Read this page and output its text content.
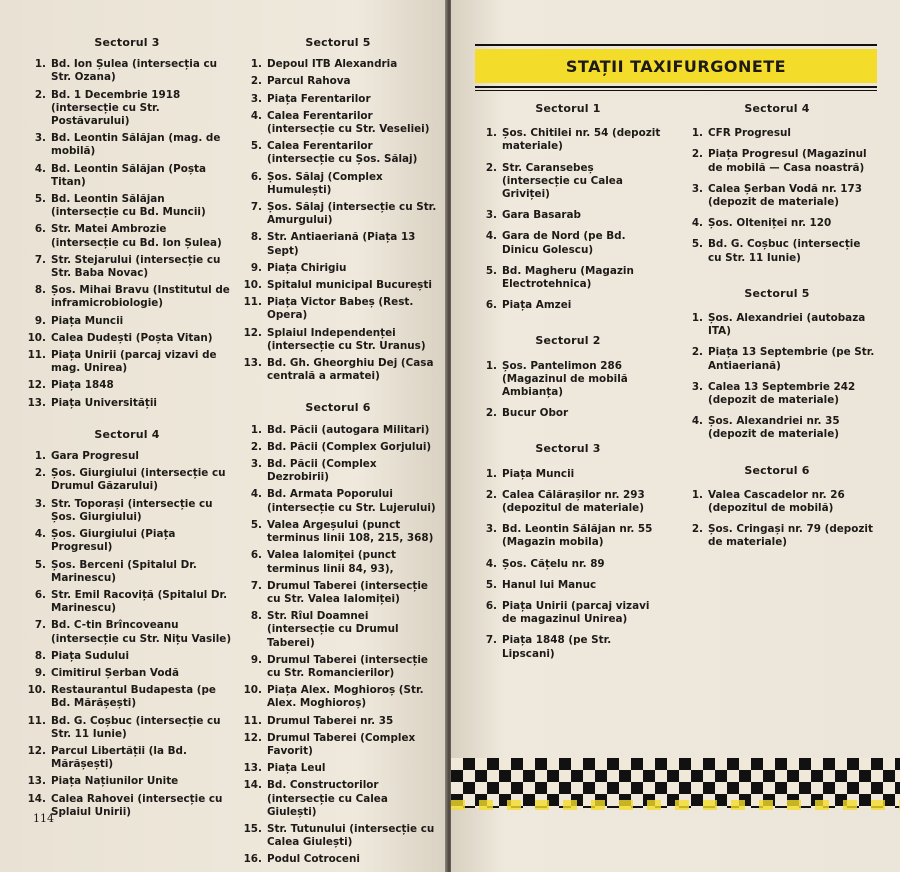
Sectorul 3
1. Bd. Ion Șulea (intersecția cu Str. Ozana)
2. Bd. 1 Decembrie 1918 (intersecție cu Str. Postăvarului)
3. Bd. Leontin Sălăjan (mag. de mobilă)
4. Bd. Leontin Sălăjan (Poșta Titan)
5. Bd. Leontin Sălăjan (intersecție cu Bd. Muncii)
6. Str. Matei Ambrozie (intersecție cu Bd. Ion Șulea)
7. Str. Stejarului (intersecție cu Str. Baba Novac)
8. Șos. Mihai Bravu (Institutul de inframicrobiologie)
9. Piața Muncii
10. Calea Dudești (Poșta Vitan)
11. Piața Unirii (parcaj vizavi de mag. Unirea)
12. Piața 1848
13. Piața Universității
Sectorul 4
1. Gara Progresul
2. Șos. Giurgiului (intersecție cu Drumul Găzarului)
3. Str. Toporași (intersecție cu Șos. Giurgiului)
4. Șos. Giurgiului (Piața Progresul)
5. Șos. Berceni (Spitalul Dr. Marinescu)
6. Str. Emil Racoviță (Spitalul Dr. Marinescu)
7. Bd. C-tin Brîncoveanu (intersecție cu Str. Nițu Vasile)
8. Piața Sudului
9. Cimitirul Șerban Vodă
10. Restaurantul Budapesta (pe Bd. Mărășești)
11. Bd. G. Coșbuc (intersecție cu Str. 11 Iunie)
12. Parcul Libertății (la Bd. Mărășești)
13. Piața Națiunilor Unite
14. Calea Rahovei (intersecție cu Splaiul Unirii)
Sectorul 5
1. Depoul ITB Alexandria
2. Parcul Rahova
3. Piața Ferentarilor
4. Calea Ferentarilor (intersecție cu Str. Veseliei)
5. Calea Ferentarilor (intersecție cu Șos. Sălaj)
6. Șos. Sălaj (Complex Humulești)
7. Șos. Sălaj (intersecție cu Str. Amurgului)
8. Str. Antiaeriană (Piața 13 Sept)
9. Piața Chirigiu
10. Spitalul municipal București
11. Piața Victor Babeș (Rest. Opera)
12. Splaiul Independenței (intersecție cu Str. Uranus)
13. Bd. Gh. Gheorghiu Dej (Casa centrală a armatei)
Sectorul 6
1. Bd. Păcii (autogara Militari)
2. Bd. Păcii (Complex Gorjului)
3. Bd. Păcii (Complex Dezrobirii)
4. Bd. Armata Poporului (intersecție cu Str. Lujerului)
5. Valea Argeșului (punct terminus linii 108, 215, 368)
6. Valea Ialomiței (punct terminus linii 84, 93),
7. Drumul Taberei (intersecție cu Str. Valea Ialomiței)
8. Str. Rîul Doamnei (intersecție cu Drumul Taberei)
9. Drumul Taberei (intersecție cu Str. Romancierilor)
10. Piața Alex. Moghioroș (Str. Alex. Moghioroș)
11. Drumul Taberei nr. 35
12. Drumul Taberei (Complex Favorit)
13. Piața Leul
14. Bd. Constructorilor (intersecție cu Calea Giulești)
15. Str. Tutunului (intersecție cu Calea Giulești)
16. Podul Cotroceni
114
STAȚII TAXIFURGONETE
Sectorul 1
1. Șos. Chitilei nr. 54 (depozit materiale)
2. Str. Caransebeș (intersecție cu Calea Griviței)
3. Gara Basarab
4. Gara de Nord (pe Bd. Dinicu Golescu)
5. Bd. Magheru (Magazin Electrotehnica)
6. Piața Amzei
Sectorul 2
1. Șos. Pantelimon 286 (Magazinul de mobilă Ambianța)
2. Bucur Obor
Sectorul 3
1. Piața Muncii
2. Calea Călărașilor nr. 293 (depozitul de materiale)
3. Bd. Leontin Sălăjan nr. 55 (Magazin mobila)
4. Șos. Cățelu nr. 89
5. Hanul lui Manuc
6. Piața Unirii (parcaj vizavi de magazinul Unirea)
7. Piața 1848 (pe Str. Lipscani)
Sectorul 4
1. CFR Progresul
2. Piața Progresul (Magazinul de mobilă — Casa noastră)
3. Calea Șerban Vodă nr. 173 (depozit de materiale)
4. Șos. Olteniței nr. 120
5. Bd. G. Coșbuc (intersecție cu Str. 11 Iunie)
Sectorul 5
1. Șos. Alexandriei (autobaza ITA)
2. Piața 13 Septembrie (pe Str. Antiaeriană)
3. Calea 13 Septembrie 242 (depozit de materiale)
4. Șos. Alexandriei nr. 35 (depozit de materiale)
Sectorul 6
1. Valea Cascadelor nr. 26 (depozitul de mobilă)
2. Șos. Cringași nr. 79 (depozit de materiale)
